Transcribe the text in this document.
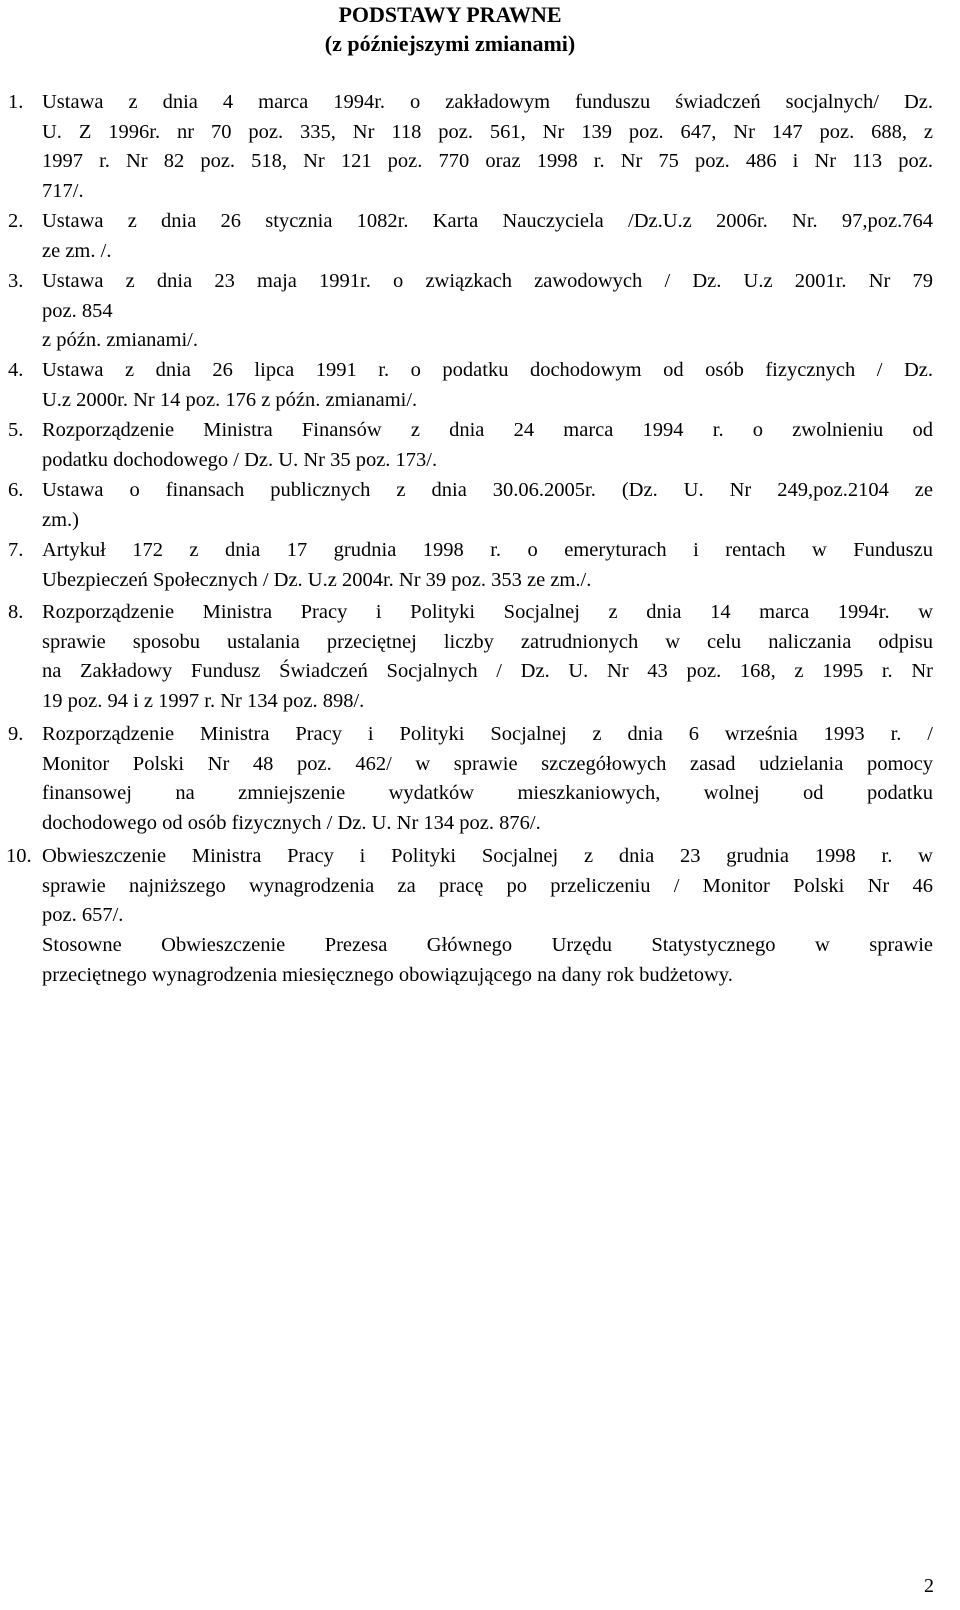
PODSTAWY PRAWNE
(z późniejszymi zmianami)
1. Ustawa z dnia 4 marca 1994r. o zakładowym funduszu świadczeń socjalnych/ Dz.
U. Z 1996r. nr 70 poz. 335, Nr 118 poz. 561, Nr 139 poz. 647, Nr 147 poz. 688, z
1997 r. Nr 82 poz. 518, Nr 121 poz. 770 oraz 1998 r. Nr 75 poz. 486 i Nr 113 poz.
717/.
2. Ustawa z dnia 26 stycznia 1082r. Karta Nauczyciela /Dz.U.z 2006r. Nr. 97,poz.764
ze zm. /.
3. Ustawa z dnia 23 maja 1991r. o związkach zawodowych / Dz. U.z 2001r. Nr 79
poz. 854
z późn. zmianami/.
4. Ustawa z dnia 26 lipca 1991 r. o podatku dochodowym od osób fizycznych / Dz.
U.z 2000r. Nr 14 poz. 176 z późn. zmianami/.
5. Rozporządzenie Ministra Finansów z dnia 24 marca 1994 r. o zwolnieniu od
podatku dochodowego / Dz. U. Nr 35 poz. 173/.
6. Ustawa o finansach publicznych z dnia 30.06.2005r. (Dz. U. Nr 249,poz.2104 ze
zm.)
7. Artykuł 172 z dnia 17 grudnia 1998 r. o emeryturach i rentach w Funduszu
Ubezpieczeń Społecznych / Dz. U.z 2004r. Nr 39 poz. 353 ze zm./.
8. Rozporządzenie Ministra Pracy i Polityki Socjalnej z dnia 14 marca 1994r. w
sprawie sposobu ustalania przeciętnej liczby zatrudnionych w celu naliczania odpisu
na Zakładowy Fundusz Świadczeń Socjalnych / Dz. U. Nr 43 poz. 168, z 1995 r. Nr
19 poz. 94 i z 1997 r. Nr 134 poz. 898/.
9. Rozporządzenie Ministra Pracy i Polityki Socjalnej z dnia 6 września 1993 r. /
Monitor Polski Nr 48 poz. 462/ w sprawie szczegółowych zasad udzielania pomocy
finansowej na zmniejszenie wydatków mieszkaniowych, wolnej od podatku
dochodowego od osób fizycznych / Dz. U. Nr 134 poz. 876/.
10. Obwieszczenie Ministra Pracy i Polityki Socjalnej z dnia 23 grudnia 1998 r. w
sprawie najniższego wynagrodzenia za pracę po przeliczeniu / Monitor Polski Nr 46
poz. 657/.
Stosowne Obwieszczenie Prezesa Głównego Urzędu Statystycznego w sprawie
przeciętnego wynagrodzenia miesięcznego obowiązującego na dany rok budżetowy.
2
